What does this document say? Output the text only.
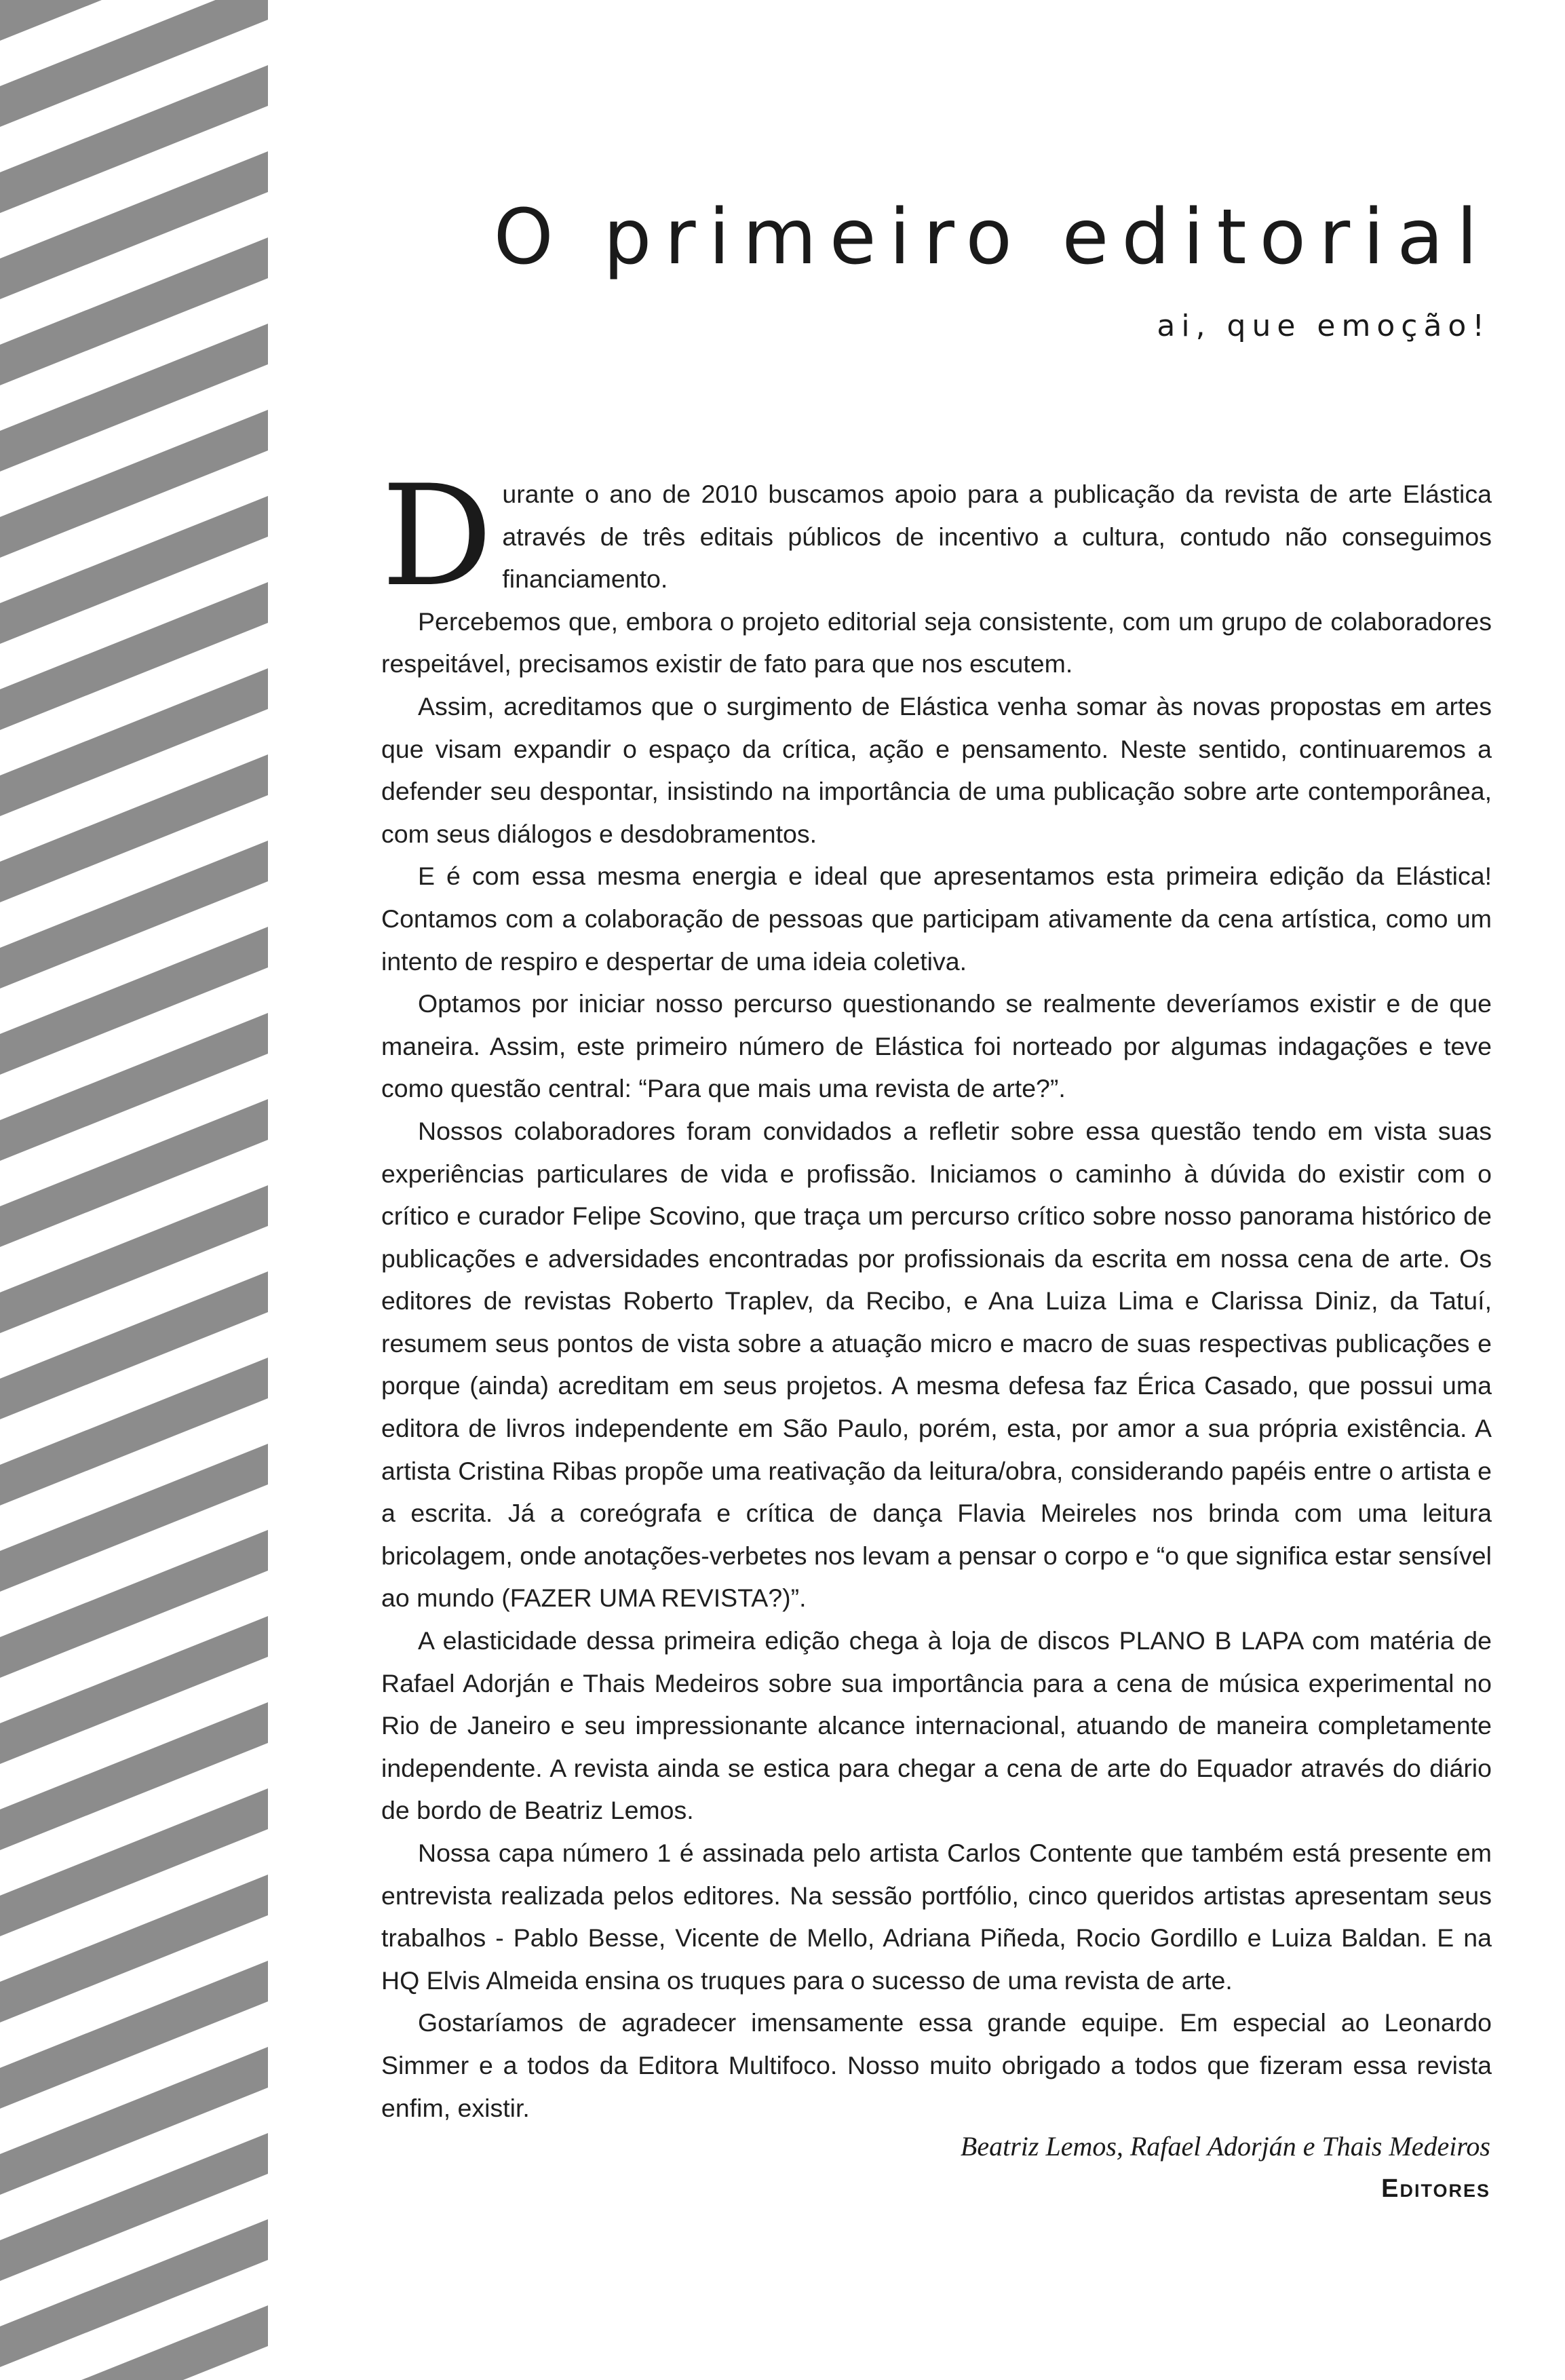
O primeiro editorial
ai, que emoção!

Durante o ano de 2010 buscamos apoio para a publicação da revista de arte Elástica através de três editais públicos de incentivo a cultura, contudo não conseguimos financiamento.

Percebemos que, embora o projeto editorial seja consistente, com um grupo de colaboradores respeitável, precisamos existir de fato para que nos escutem.

Assim, acreditamos que o surgimento de Elástica venha somar às novas propostas em artes que visam expandir o espaço da crítica, ação e pensamento. Neste sentido, continuaremos a defender seu despontar, insistindo na importância de uma publicação sobre arte contemporânea, com seus diálogos e desdobramentos.

E é com essa mesma energia e ideal que apresentamos esta primeira edição da Elástica! Contamos com a colaboração de pessoas que participam ativamente da cena artística, como um intento de respiro e despertar de uma ideia coletiva.

Optamos por iniciar nosso percurso questionando se realmente deveríamos existir e de que maneira. Assim, este primeiro número de Elástica foi norteado por algumas indagações e teve como questão central: “Para que mais uma revista de arte?”.

Nossos colaboradores foram convidados a refletir sobre essa questão tendo em vista suas experiências particulares de vida e profissão. Iniciamos o caminho à dúvida do existir com o crítico e curador Felipe Scovino, que traça um percurso crítico sobre nosso panorama histórico de publicações e adversidades encontradas por profissionais da escrita em nossa cena de arte. Os editores de revistas Roberto Traplev, da Recibo, e Ana Luiza Lima e Clarissa Diniz, da Tatuí, resumem seus pontos de vista sobre a atuação micro e macro de suas respectivas publicações e porque (ainda) acreditam em seus projetos. A mesma defesa faz Érica Casado, que possui uma editora de livros independente em São Paulo, porém, esta, por amor a sua própria existência. A artista Cristina Ribas propõe uma reativação da leitura/obra, considerando papéis entre o artista e a escrita. Já a coreógrafa e crítica de dança Flavia Meireles nos brinda com uma leitura bricolagem, onde anotações-verbetes nos levam a pensar o corpo e “o que significa estar sensível ao mundo (FAZER UMA REVISTA?)”.

A elasticidade dessa primeira edição chega à loja de discos PLANO B LAPA com matéria de Rafael Adorján e Thais Medeiros sobre sua importância para a cena de música experimental no Rio de Janeiro e seu impressionante alcance internacional, atuando de maneira completamente independente. A revista ainda se estica para chegar a cena de arte do Equador através do diário de bordo de Beatriz Lemos.

Nossa capa número 1 é assinada pelo artista Carlos Contente que também está presente em entrevista realizada pelos editores. Na sessão portfólio, cinco queridos artistas apresentam seus trabalhos - Pablo Besse, Vicente de Mello, Adriana Piñeda, Rocio Gordillo e Luiza Baldan. E na HQ Elvis Almeida ensina os truques para o sucesso de uma revista de arte.

Gostaríamos de agradecer imensamente essa grande equipe. Em especial ao Leonardo Simmer e a todos da Editora Multifoco. Nosso muito obrigado a todos que fizeram essa revista enfim, existir.

Beatriz Lemos, Rafael Adorján e Thais Medeiros

Editores
